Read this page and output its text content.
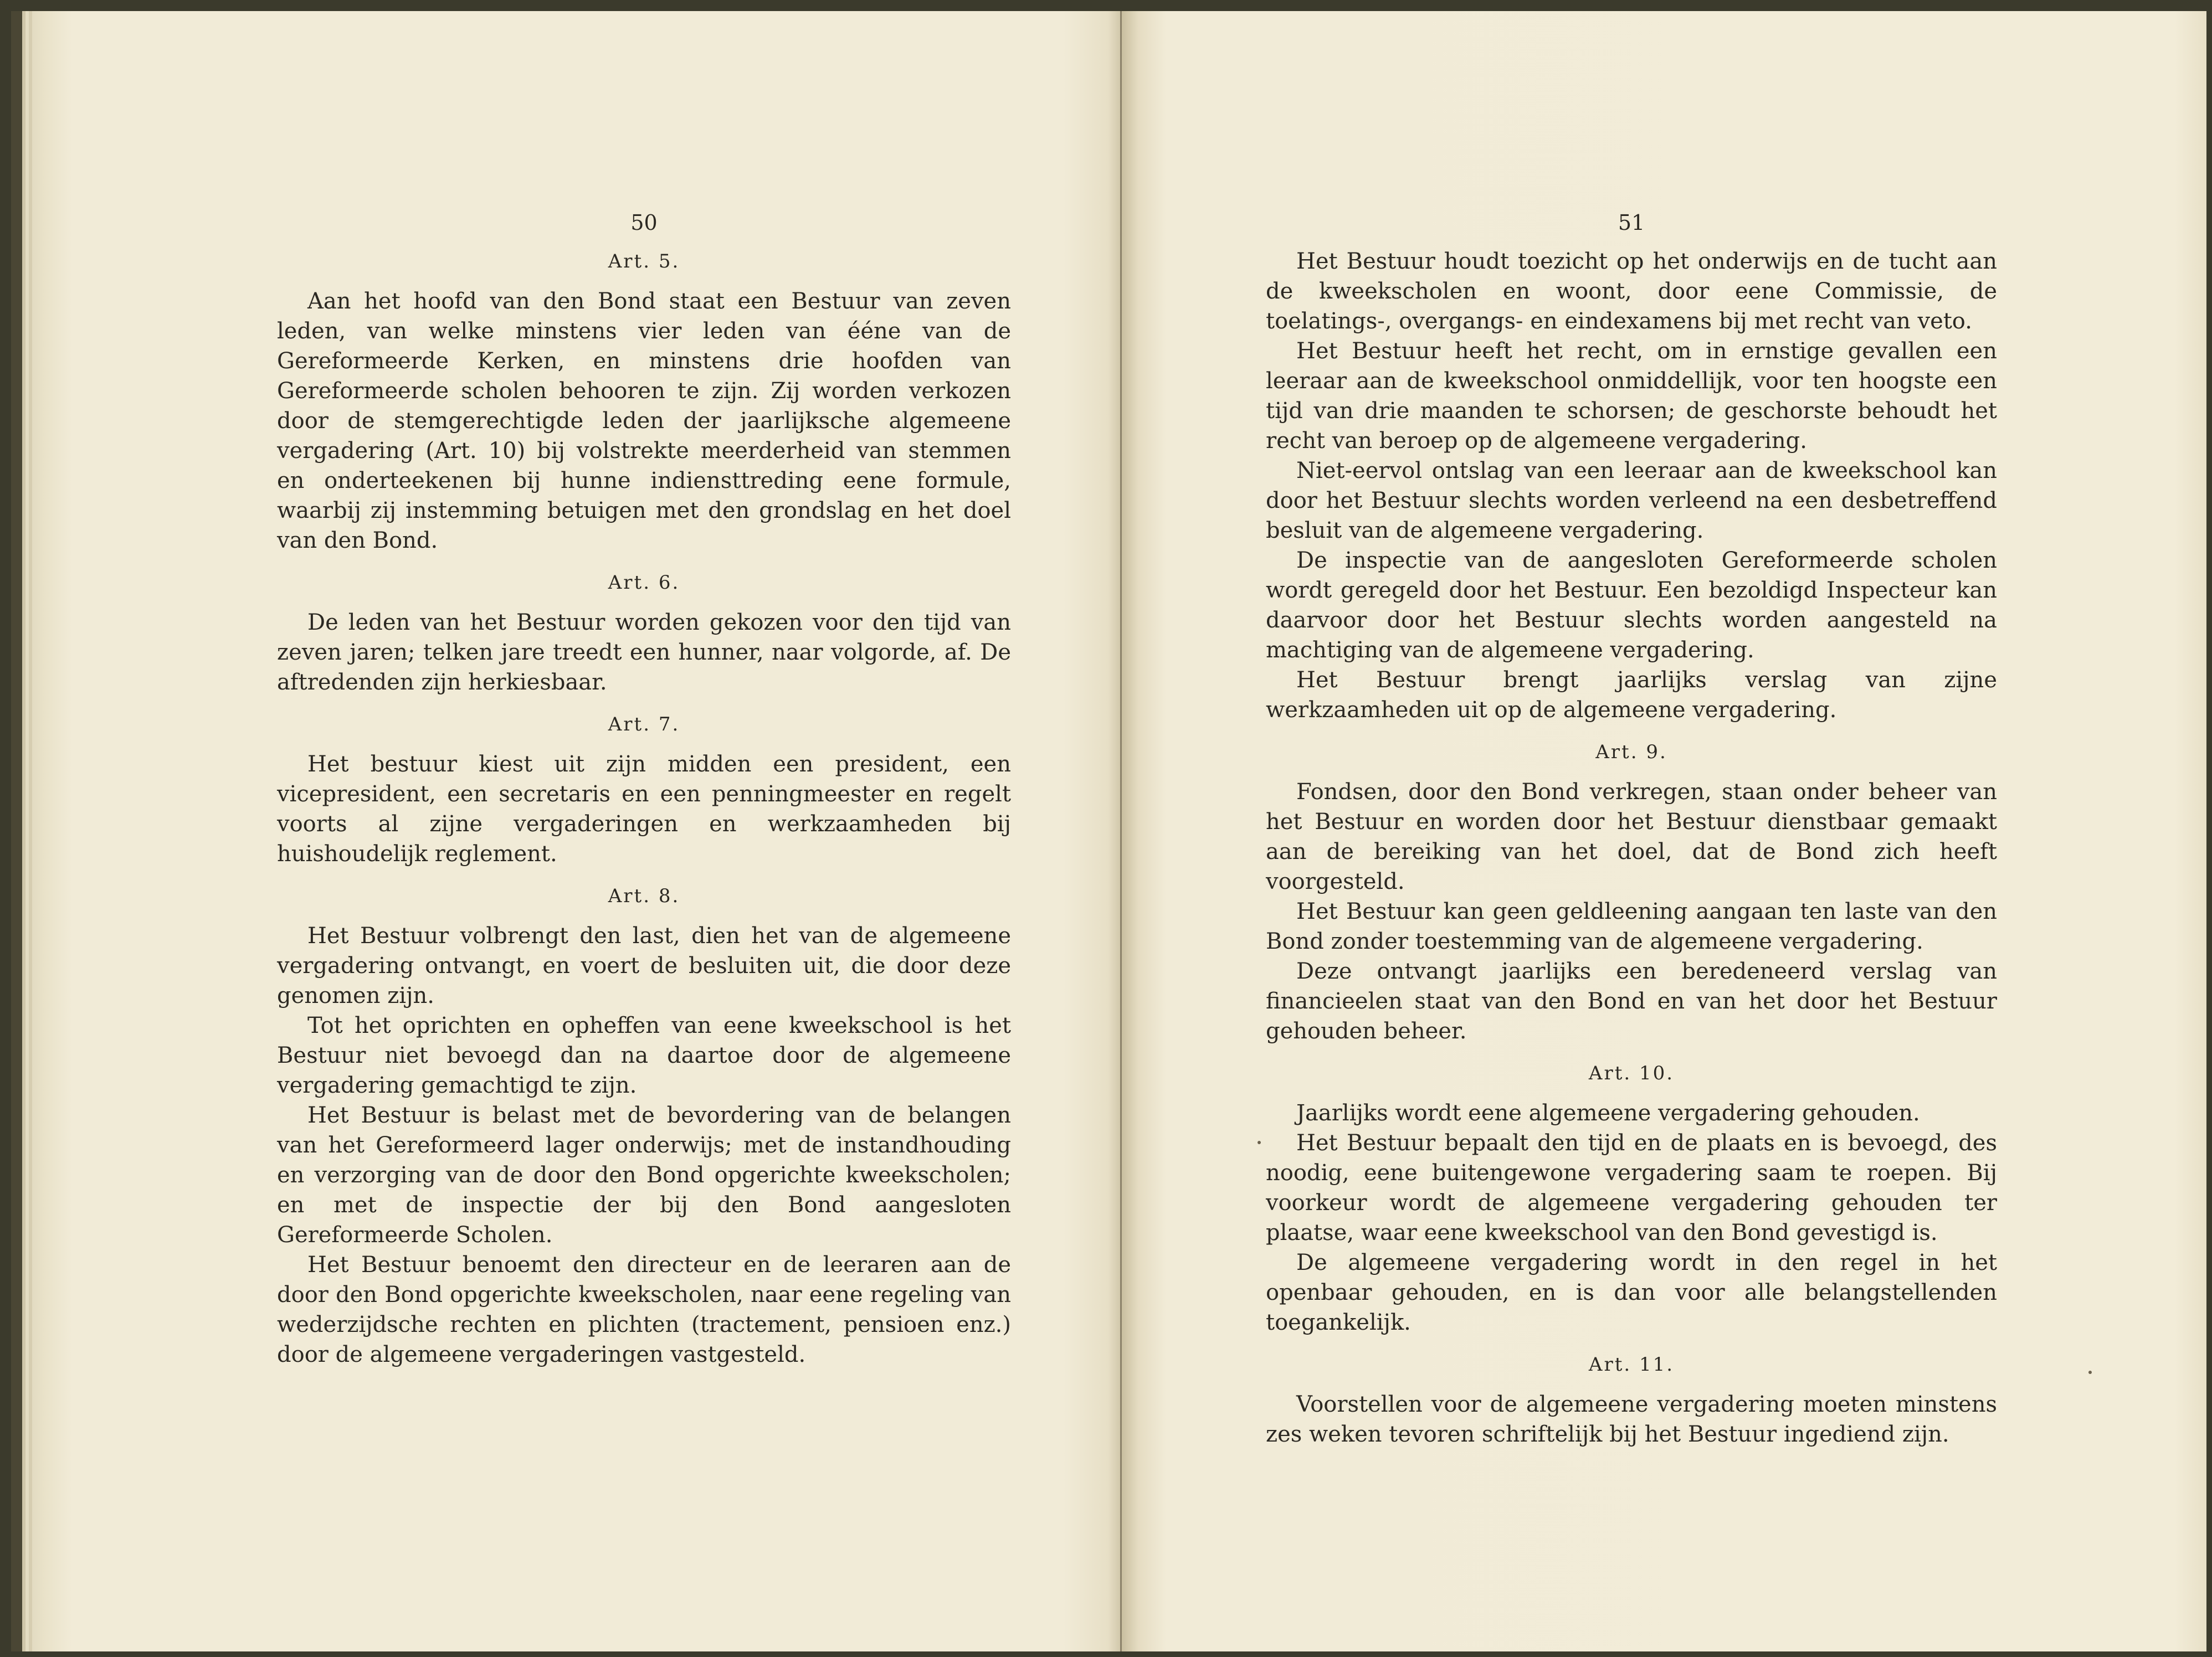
50
Art. 5.

Aan het hoofd van den Bond staat een Bestuur van zeven leden, van welke minstens vier leden van ééne van de Gereformeerde Kerken, en minstens drie hoofden van Gereformeerde scholen behooren te zijn. Zij worden verkozen door de stemgerechtigde leden der jaarlijksche algemeene vergadering (Art. 10) bij volstrekte meerderheid van stemmen en onderteekenen bij hunne indiensttreding eene formule, waarbij zij instemming betuigen met den grondslag en het doel van den Bond.

Art. 6.

De leden van het Bestuur worden gekozen voor den tijd van zeven jaren; telken jare treedt een hunner, naar volgorde, af. De aftredenden zijn herkiesbaar.

Art. 7.

Het bestuur kiest uit zijn midden een president, een vicepresident, een secretaris en een penningmeester en regelt voorts al zijne vergaderingen en werkzaamheden bij huishoudelijk reglement.

Art. 8.

Het Bestuur volbrengt den last, dien het van de algemeene vergadering ontvangt, en voert de besluiten uit, die door deze genomen zijn.

Tot het oprichten en opheffen van eene kweekschool is het Bestuur niet bevoegd dan na daartoe door de algemeene vergadering gemachtigd te zijn.

Het Bestuur is belast met de bevordering van de belangen van het Gereformeerd lager onderwijs; met de instandhouding en verzorging van de door den Bond opgerichte kweekscholen; en met de inspectie der bij den Bond aangesloten Gereformeerde Scholen.

Het Bestuur benoemt den directeur en de leeraren aan de door den Bond opgerichte kweekscholen, naar eene regeling van wederzijdsche rechten en plichten (tractement, pensioen enz.) door de algemeene vergaderingen vastgesteld.

51

Het Bestuur houdt toezicht op het onderwijs en de tucht aan de kweekscholen en woont, door eene Commissie, de toelatings-, overgangs- en eindexamens bij met recht van veto.

Het Bestuur heeft het recht, om in ernstige gevallen een leeraar aan de kweekschool onmiddellijk, voor ten hoogste een tijd van drie maanden te schorsen; de geschorste behoudt het recht van beroep op de algemeene vergadering.

Niet-eervol ontslag van een leeraar aan de kweekschool kan door het Bestuur slechts worden verleend na een desbetreffend besluit van de algemeene vergadering.

De inspectie van de aangesloten Gereformeerde scholen wordt geregeld door het Bestuur. Een bezoldigd Inspecteur kan daarvoor door het Bestuur slechts worden aangesteld na machtiging van de algemeene vergadering.

Het Bestuur brengt jaarlijks verslag van zijne werkzaamheden uit op de algemeene vergadering.

Art. 9.

Fondsen, door den Bond verkregen, staan onder beheer van het Bestuur en worden door het Bestuur dienstbaar gemaakt aan de bereiking van het doel, dat de Bond zich heeft voorgesteld.

Het Bestuur kan geen geldleening aangaan ten laste van den Bond zonder toestemming van de algemeene vergadering.

Deze ontvangt jaarlijks een beredeneerd verslag van financieelen staat van den Bond en van het door het Bestuur gehouden beheer.

Art. 10.

Jaarlijks wordt eene algemeene vergadering gehouden.

Het Bestuur bepaalt den tijd en de plaats en is bevoegd, des noodig, eene buitengewone vergadering saam te roepen. Bij voorkeur wordt de algemeene vergadering gehouden ter plaatse, waar eene kweekschool van den Bond gevestigd is.

De algemeene vergadering wordt in den regel in het openbaar gehouden, en is dan voor alle belangstellenden toegankelijk.

Art. 11.

Voorstellen voor de algemeene vergadering moeten minstens zes weken tevoren schriftelijk bij het Bestuur ingediend zijn.
